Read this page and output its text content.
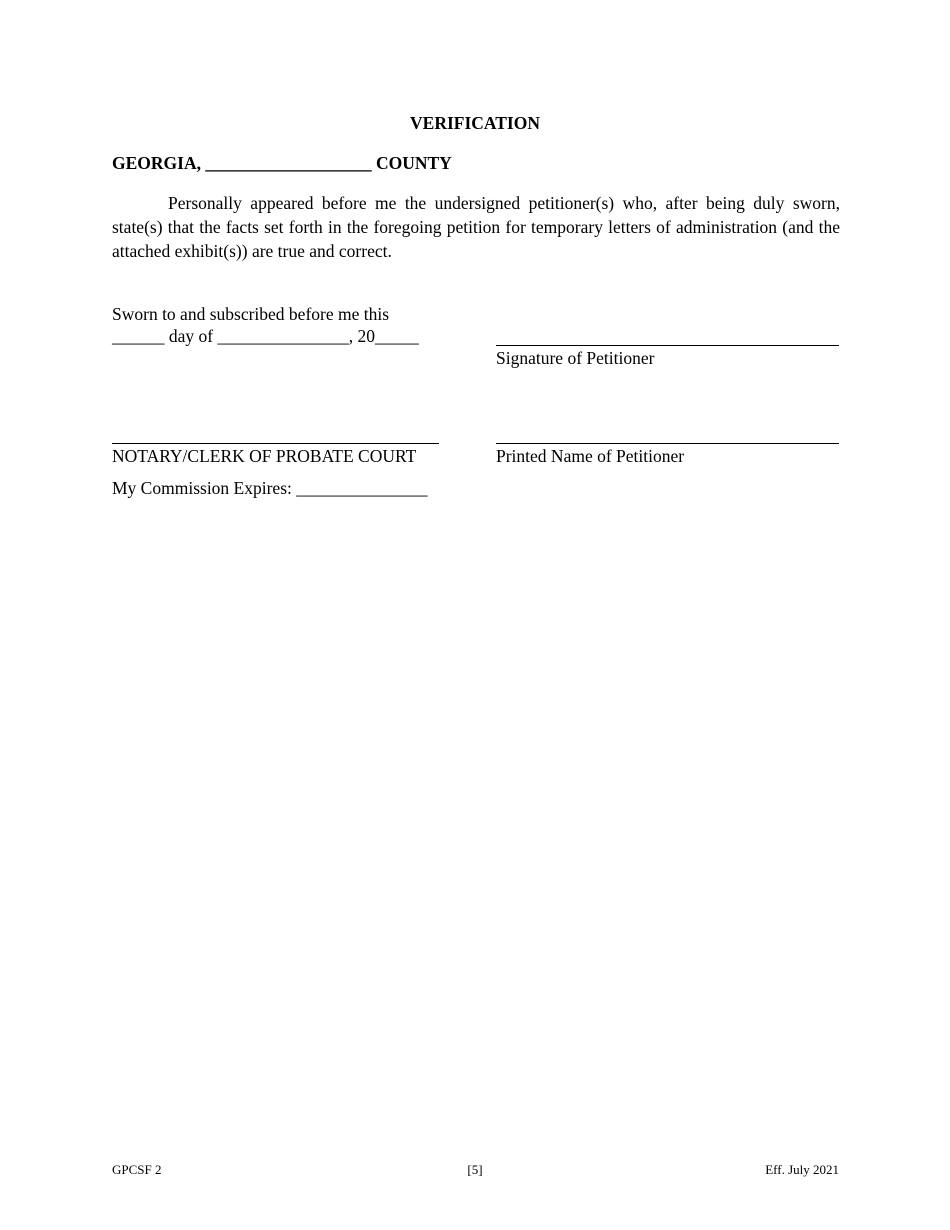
VERIFICATION
GEORGIA, ___________________ COUNTY
Personally appeared before me the undersigned petitioner(s) who, after being duly sworn, state(s) that the facts set forth in the foregoing petition for temporary letters of administration (and the attached exhibit(s)) are true and correct.
Sworn to and subscribed before me this
______ day of _______________, 20_____
Signature of Petitioner
NOTARY/CLERK OF PROBATE COURT	Printed Name of Petitioner
My Commission Expires: _______________
GPCSF 2	[5]	Eff. July 2021
